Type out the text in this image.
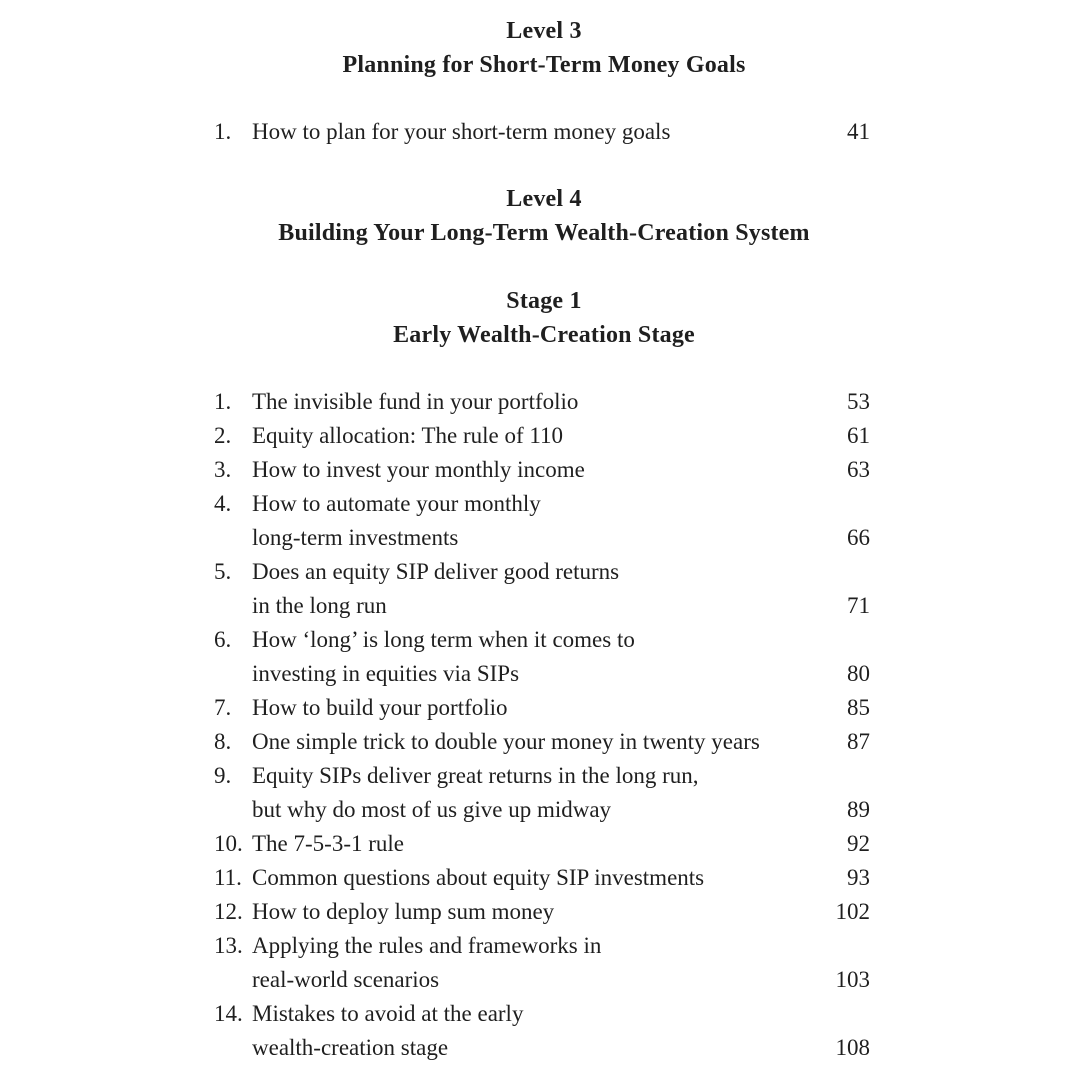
Level 3
Planning for Short-Term Money Goals
1. How to plan for your short-term money goals	41
Level 4
Building Your Long-Term Wealth-Creation System
Stage 1
Early Wealth-Creation Stage
1. The invisible fund in your portfolio	53
2. Equity allocation: The rule of 110	61
3. How to invest your monthly income	63
4. How to automate your monthly
long-term investments	66
5. Does an equity SIP deliver good returns
in the long run	71
6. How ‘long’ is long term when it comes to
investing in equities via SIPs	80
7. How to build your portfolio	85
8. One simple trick to double your money in twenty years	87
9. Equity SIPs deliver great returns in the long run,
but why do most of us give up midway	89
10. The 7-5-3-1 rule	92
11. Common questions about equity SIP investments	93
12. How to deploy lump sum money	102
13. Applying the rules and frameworks in
real-world scenarios	103
14. Mistakes to avoid at the early
wealth-creation stage	108
